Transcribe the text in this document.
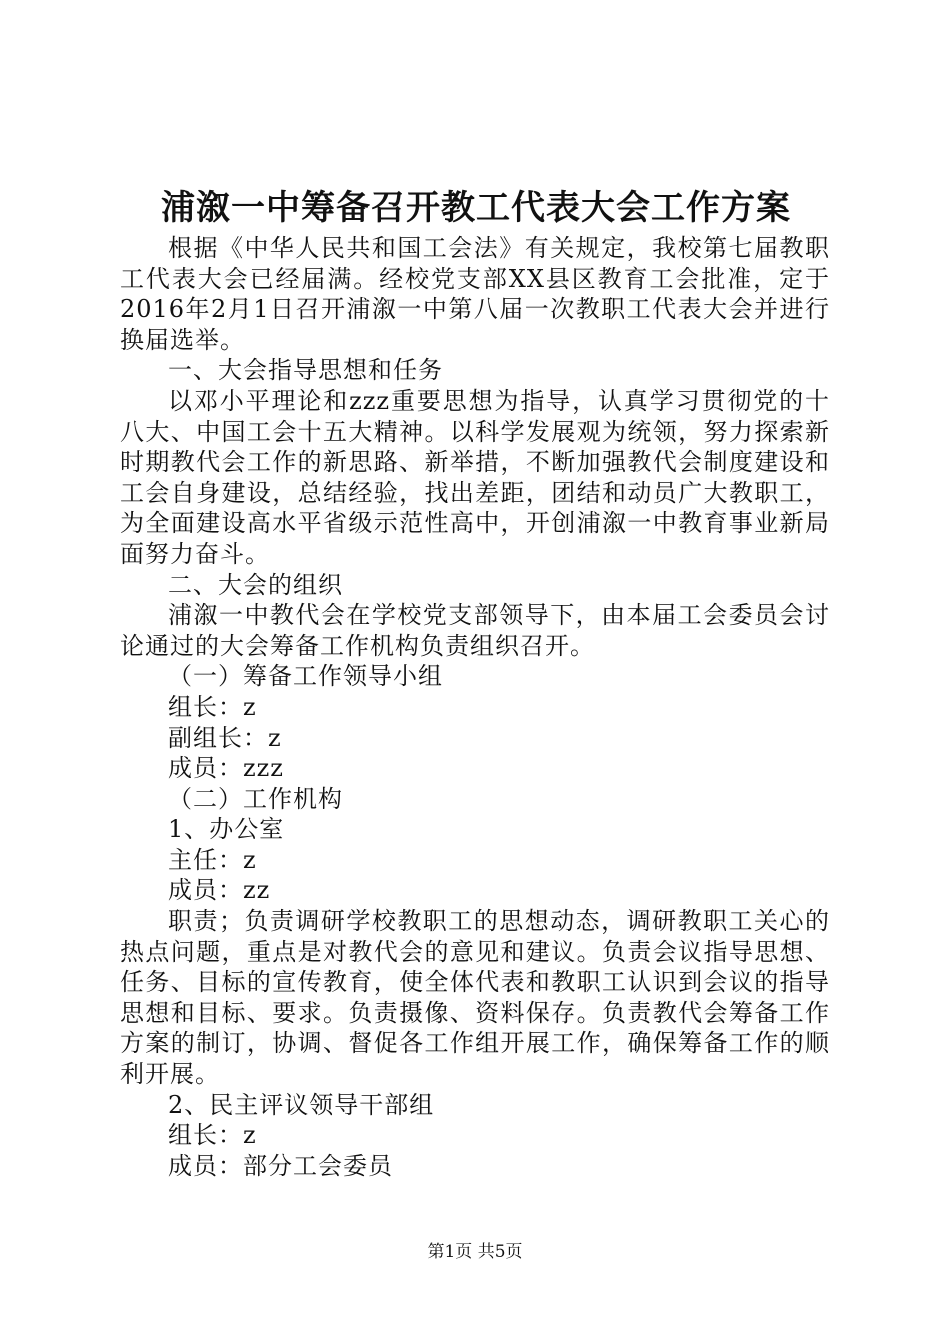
浦溆一中筹备召开教工代表大会工作方案

根据《中华人民共和国工会法》有关规定，我校第七届教职工代表大会已经届满。经校党支部XX县区教育工会批准，定于2016年2月1日召开浦溆一中第八届一次教职工代表大会并进行换届选举。

一、大会指导思想和任务

以邓小平理论和zzz重要思想为指导，认真学习贯彻党的十八大、中国工会十五大精神。以科学发展观为统领，努力探索新时期教代会工作的新思路、新举措，不断加强教代会制度建设和工会自身建设，总结经验，找出差距，团结和动员广大教职工，为全面建设高水平省级示范性高中，开创浦溆一中教育事业新局面努力奋斗。

二、大会的组织

浦溆一中教代会在学校党支部领导下，由本届工会委员会讨论通过的大会筹备工作机构负责组织召开。

（一）筹备工作领导小组

组长：z

副组长：z

成员：zzz

（二）工作机构

1、办公室

主任：z

成员：zz

职责；负责调研学校教职工的思想动态，调研教职工关心的热点问题，重点是对教代会的意见和建议。负责会议指导思想、任务、目标的宣传教育，使全体代表和教职工认识到会议的指导思想和目标、要求。负责摄像、资料保存。负责教代会筹备工作方案的制订，协调、督促各工作组开展工作，确保筹备工作的顺利开展。

2、民主评议领导干部组

组长：z

成员：部分工会委员

第1页 共5页
